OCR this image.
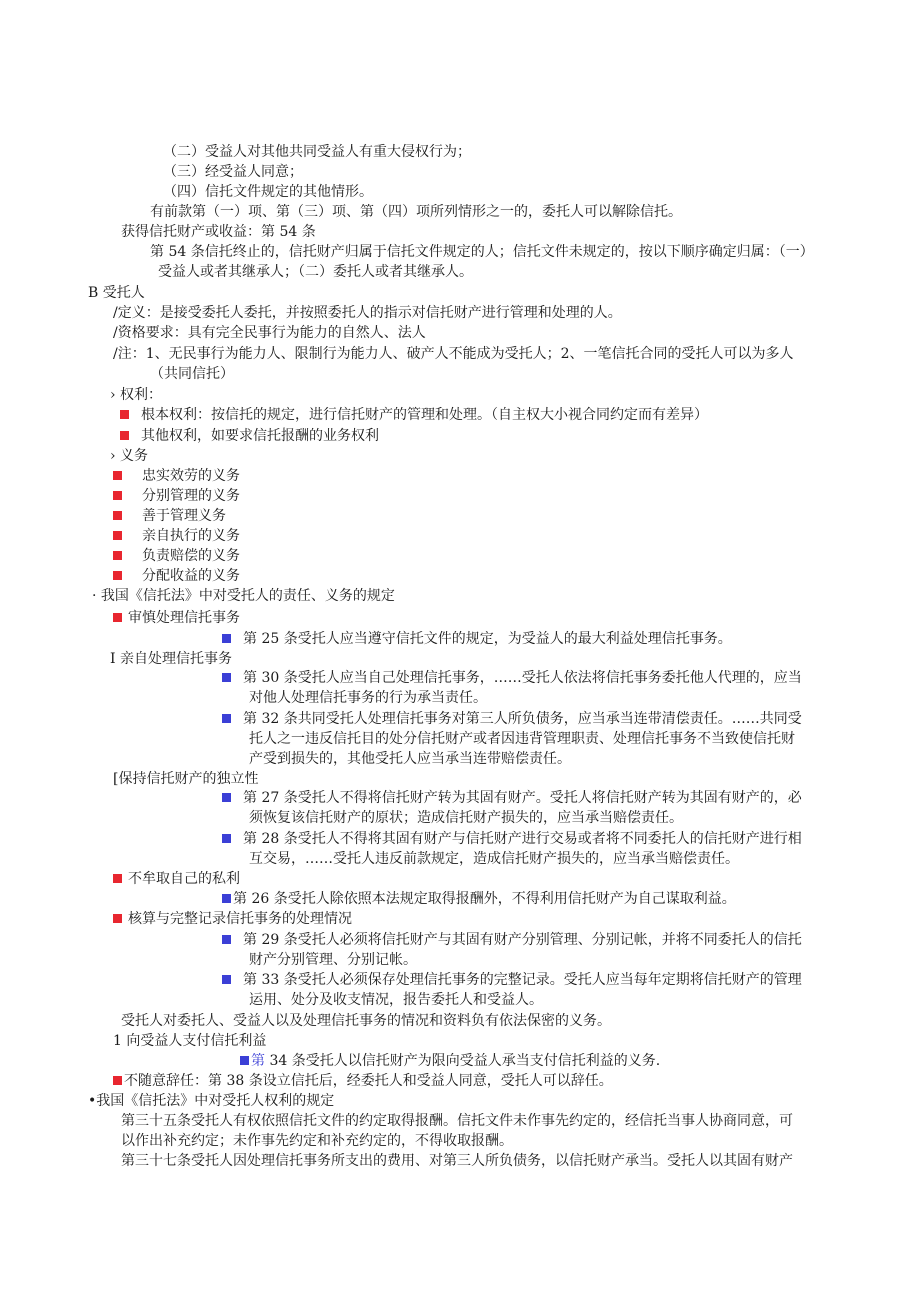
（二）受益人对其他共同受益人有重大侵权行为；
（三）经受益人同意；
（四）信托文件规定的其他情形。
有前款第（一）项、第（三）项、第（四）项所列情形之一的，委托人可以解除信托。
获得信托财产或收益：第 54 条
第 54 条信托终止的，信托财产归属于信托文件规定的人；信托文件未规定的，按以下顺序确定归属：（一）
受益人或者其继承人；（二）委托人或者其继承人。
B 受托人
/定义：是接受委托人委托，并按照委托人的指示对信托财产进行管理和处理的人。
/资格要求：具有完全民事行为能力的自然人、法人
/注：1、无民事行为能力人、限制行为能力人、破产人不能成为受托人；2、一笔信托合同的受托人可以为多人
（共同信托）
› 权利：
根本权利：按信托的规定，进行信托财产的管理和处理。（自主权大小视合同约定而有差异）
其他权利，如要求信托报酬的业务权利
› 义务
忠实效劳的义务
分别管理的义务
善于管理义务
亲自执行的义务
负责赔偿的义务
分配收益的义务
· 我国《信托法》中对受托人的责任、义务的规定
审慎处理信托事务
第 25 条受托人应当遵守信托文件的规定，为受益人的最大利益处理信托事务。
I 亲自处理信托事务
第 30 条受托人应当自己处理信托事务，……受托人依法将信托事务委托他人代理的，应当
对他人处理信托事务的行为承当责任。
第 32 条共同受托人处理信托事务对第三人所负债务，应当承当连带清偿责任。……共同受
托人之一违反信托目的处分信托财产或者因违背管理职责、处理信托事务不当致使信托财
产受到损失的，其他受托人应当承当连带赔偿责任。
[保持信托财产的独立性
第 27 条受托人不得将信托财产转为其固有财产。受托人将信托财产转为其固有财产的，必
须恢复该信托财产的原状；造成信托财产损失的，应当承当赔偿责任。
第 28 条受托人不得将其固有财产与信托财产进行交易或者将不同委托人的信托财产进行相
互交易，……受托人违反前款规定，造成信托财产损失的，应当承当赔偿责任。
不牟取自己的私利
第 26 条受托人除依照本法规定取得报酬外，不得利用信托财产为自己谋取利益。
核算与完整记录信托事务的处理情况
第 29 条受托人必须将信托财产与其固有财产分别管理、分别记帐，并将不同委托人的信托
财产分别管理、分别记帐。
第 33 条受托人必须保存处理信托事务的完整记录。受托人应当每年定期将信托财产的管理
运用、处分及收支情况，报告委托人和受益人。
受托人对委托人、受益人以及处理信托事务的情况和资料负有依法保密的义务。
1 向受益人支付信托利益
第 34 条受托人以信托财产为限向受益人承当支付信托利益的义务.
不随意辞任：第 38 条设立信托后，经委托人和受益人同意，受托人可以辞任。
•我国《信托法》中对受托人权利的规定
第三十五条受托人有权依照信托文件的约定取得报酬。信托文件未作事先约定的，经信托当事人协商同意，可
以作出补充约定；未作事先约定和补充约定的，不得收取报酬。
第三十七条受托人因处理信托事务所支出的费用、对第三人所负债务，以信托财产承当。受托人以其固有财产
